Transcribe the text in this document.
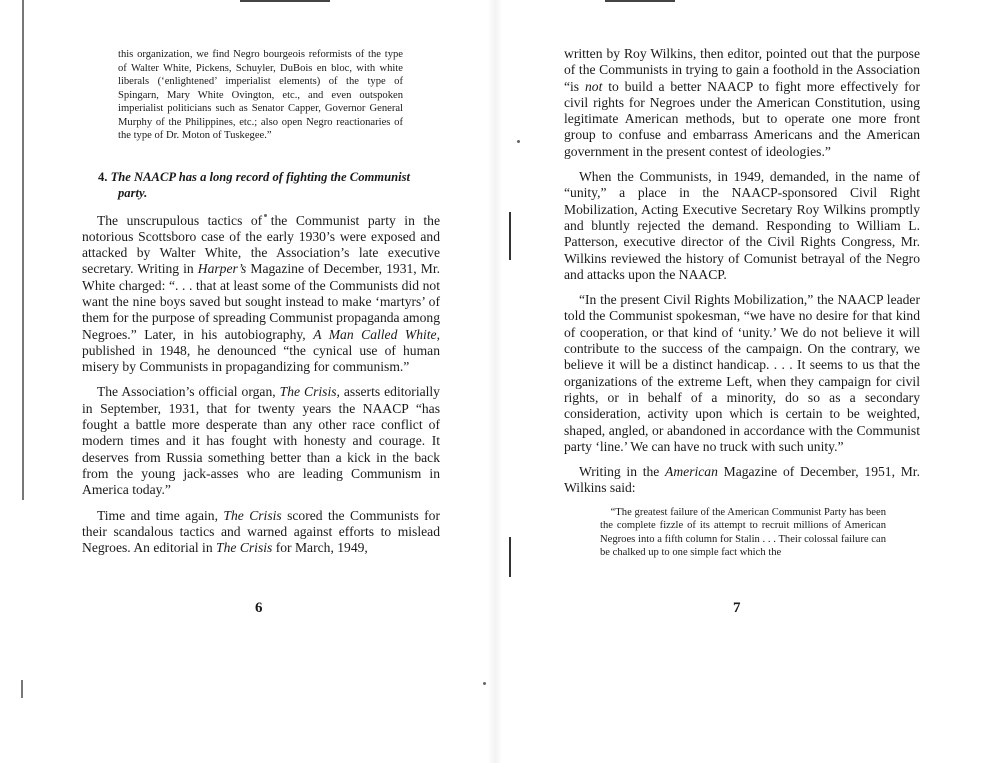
this organization, we find Negro bourgeois reformists of the type of Walter White, Pickens, Schuyler, DuBois en bloc, with white liberals (‘enlightened’ imperialist elements) of the type of Spingarn, Mary White Ovington, etc., and even outspoken imperialist politicians such as Senator Capper, Governor General Murphy of the Philippines, etc.; also open Negro reactionaries of the type of Dr. Moton of Tuskegee.”

4. The NAACP has a long record of fighting the Communist party.

The unscrupulous tactics of the Communist party in the notorious Scottsboro case of the early 1930’s were exposed and attacked by Walter White, the Association’s late executive secretary. Writing in Harper’s Magazine of December, 1931, Mr. White charged: “. . . that at least some of the Communists did not want the nine boys saved but sought instead to make ‘martyrs’ of them for the purpose of spreading Communist propaganda among Negroes.” Later, in his autobiography, A Man Called White, published in 1948, he denounced “the cynical use of human misery by Communists in propagandizing for communism.”

The Association’s official organ, The Crisis, asserts editorially in September, 1931, that for twenty years the NAACP “has fought a battle more desperate than any other race conflict of modern times and it has fought with honesty and courage. It deserves from Russia something better than a kick in the back from the young jack-asses who are leading Communism in America today.”

Time and time again, The Crisis scored the Communists for their scandalous tactics and warned against efforts to mislead Negroes. An editorial in The Crisis for March, 1949,

6

written by Roy Wilkins, then editor, pointed out that the purpose of the Communists in trying to gain a foothold in the Association “is not to build a better NAACP to fight more effectively for civil rights for Negroes under the American Constitution, using legitimate American methods, but to operate one more front group to confuse and embarrass Americans and the American government in the present contest of ideologies.”

When the Communists, in 1949, demanded, in the name of “unity,” a place in the NAACP-sponsored Civil Right Mobilization, Acting Executive Secretary Roy Wilkins promptly and bluntly rejected the demand. Responding to William L. Patterson, executive director of the Civil Rights Congress, Mr. Wilkins reviewed the history of Comunist betrayal of the Negro and attacks upon the NAACP.

“In the present Civil Rights Mobilization,” the NAACP leader told the Communist spokesman, “we have no desire for that kind of cooperation, or that kind of ‘unity.’ We do not believe it will contribute to the success of the campaign. On the contrary, we believe it will be a distinct handicap. . . . It seems to us that the organizations of the extreme Left, when they campaign for civil rights, or in behalf of a minority, do so as a secondary consideration, activity upon which is certain to be weighted, shaped, angled, or abandoned in accordance with the Communist party ‘line.’ We can have no truck with such unity.”

Writing in the American Magazine of December, 1951, Mr. Wilkins said:

“The greatest failure of the American Communist Party has been the complete fizzle of its attempt to recruit millions of American Negroes into a fifth column for Stalin . . . Their colossal failure can be chalked up to one simple fact which the

7
